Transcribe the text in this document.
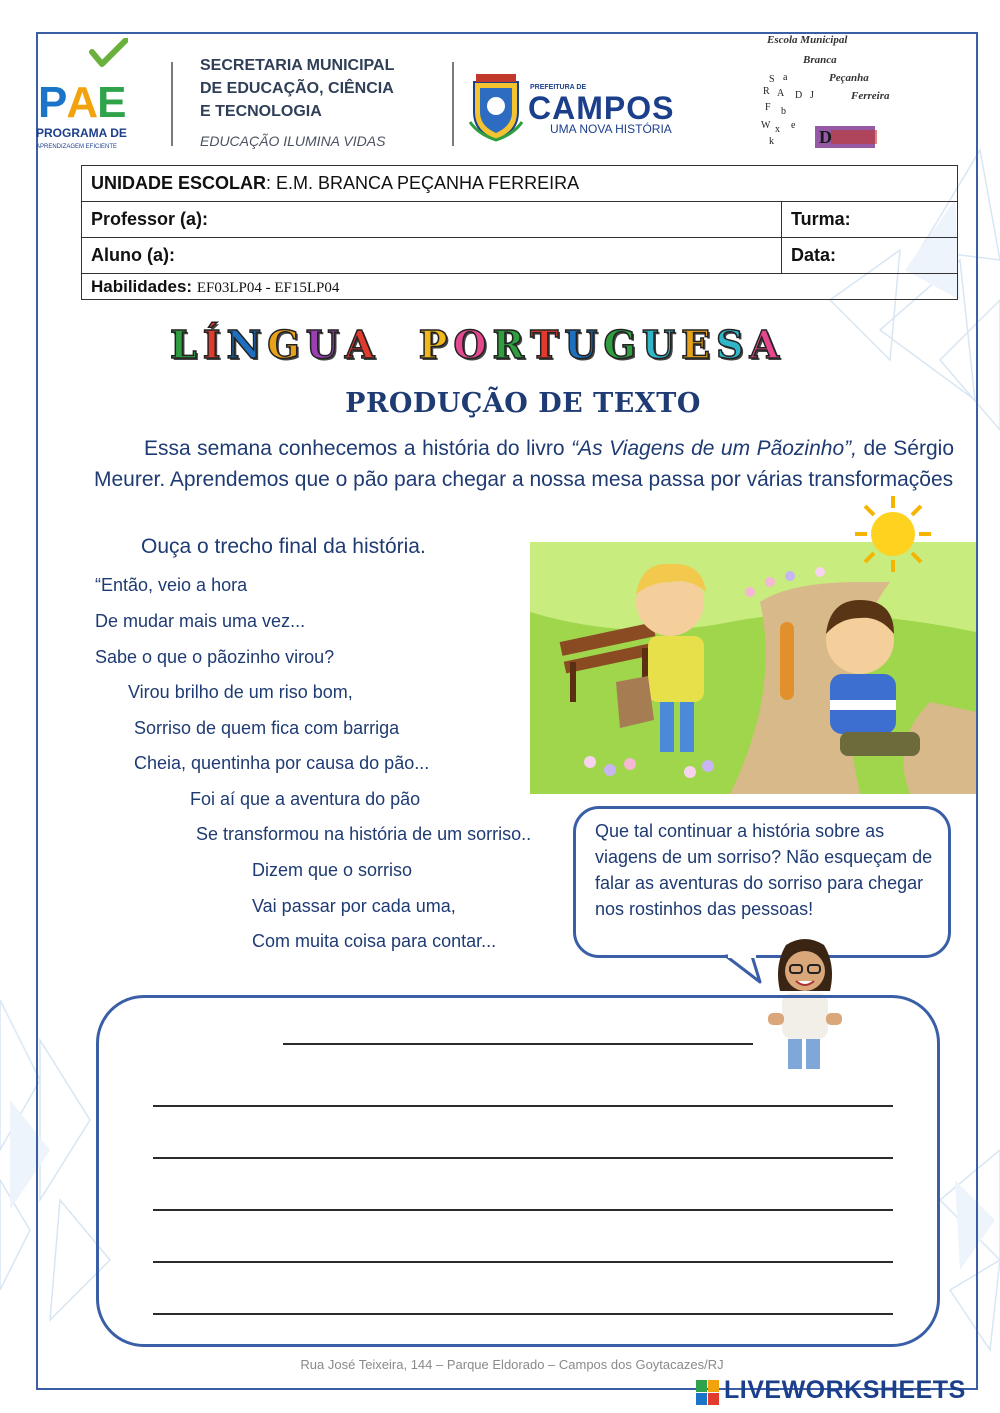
PAE
PROGRAMA DE
APRENDIZAGEM EFICIENTE
SECRETARIA MUNICIPAL
DE EDUCAÇÃO, CIÊNCIA
E TECNOLOGIA
EDUCAÇÃO ILUMINA VIDAS
PREFEITURA DE
CAMPOS
UMA NOVA HISTÓRIA
S a
R A D J
F b
W x e
k	D
Escola Municipal
Branca
Peçanha
Ferreira
UNIDADE ESCOLAR: E.M. BRANCA PEÇANHA FERREIRA	
Professor (a):	Turma:
Aluno (a):	Data:
Habilidades: EF03LP04 - EF15LP04	
LÍNGUA PORTUGUESA
PRODUÇÃO DE TEXTO
Essa semana conhecemos a história do livro “As Viagens de um Pãozinho”, de Sérgio Meurer. Aprendemos que o pão para chegar a nossa mesa passa por várias transformações
Ouça o trecho final da história.
“Então, veio a hora
De mudar mais uma vez...
Sabe o que o pãozinho virou?
Virou brilho de um riso bom,
Sorriso de quem fica com barriga
Cheia, quentinha por causa do pão...
Foi aí que a aventura do pão
Se transformou na história de um sorriso..
Dizem que o sorriso
Vai passar por cada uma,
Com muita coisa para contar...
Que tal continuar a história sobre as viagens de um sorriso? Não esqueçam de falar as aventuras do sorriso para chegar nos rostinhos das pessoas!
Rua José Teixeira, 144 – Parque Eldorado – Campos dos Goytacazes/RJ
LIVEWORKSHEETS
